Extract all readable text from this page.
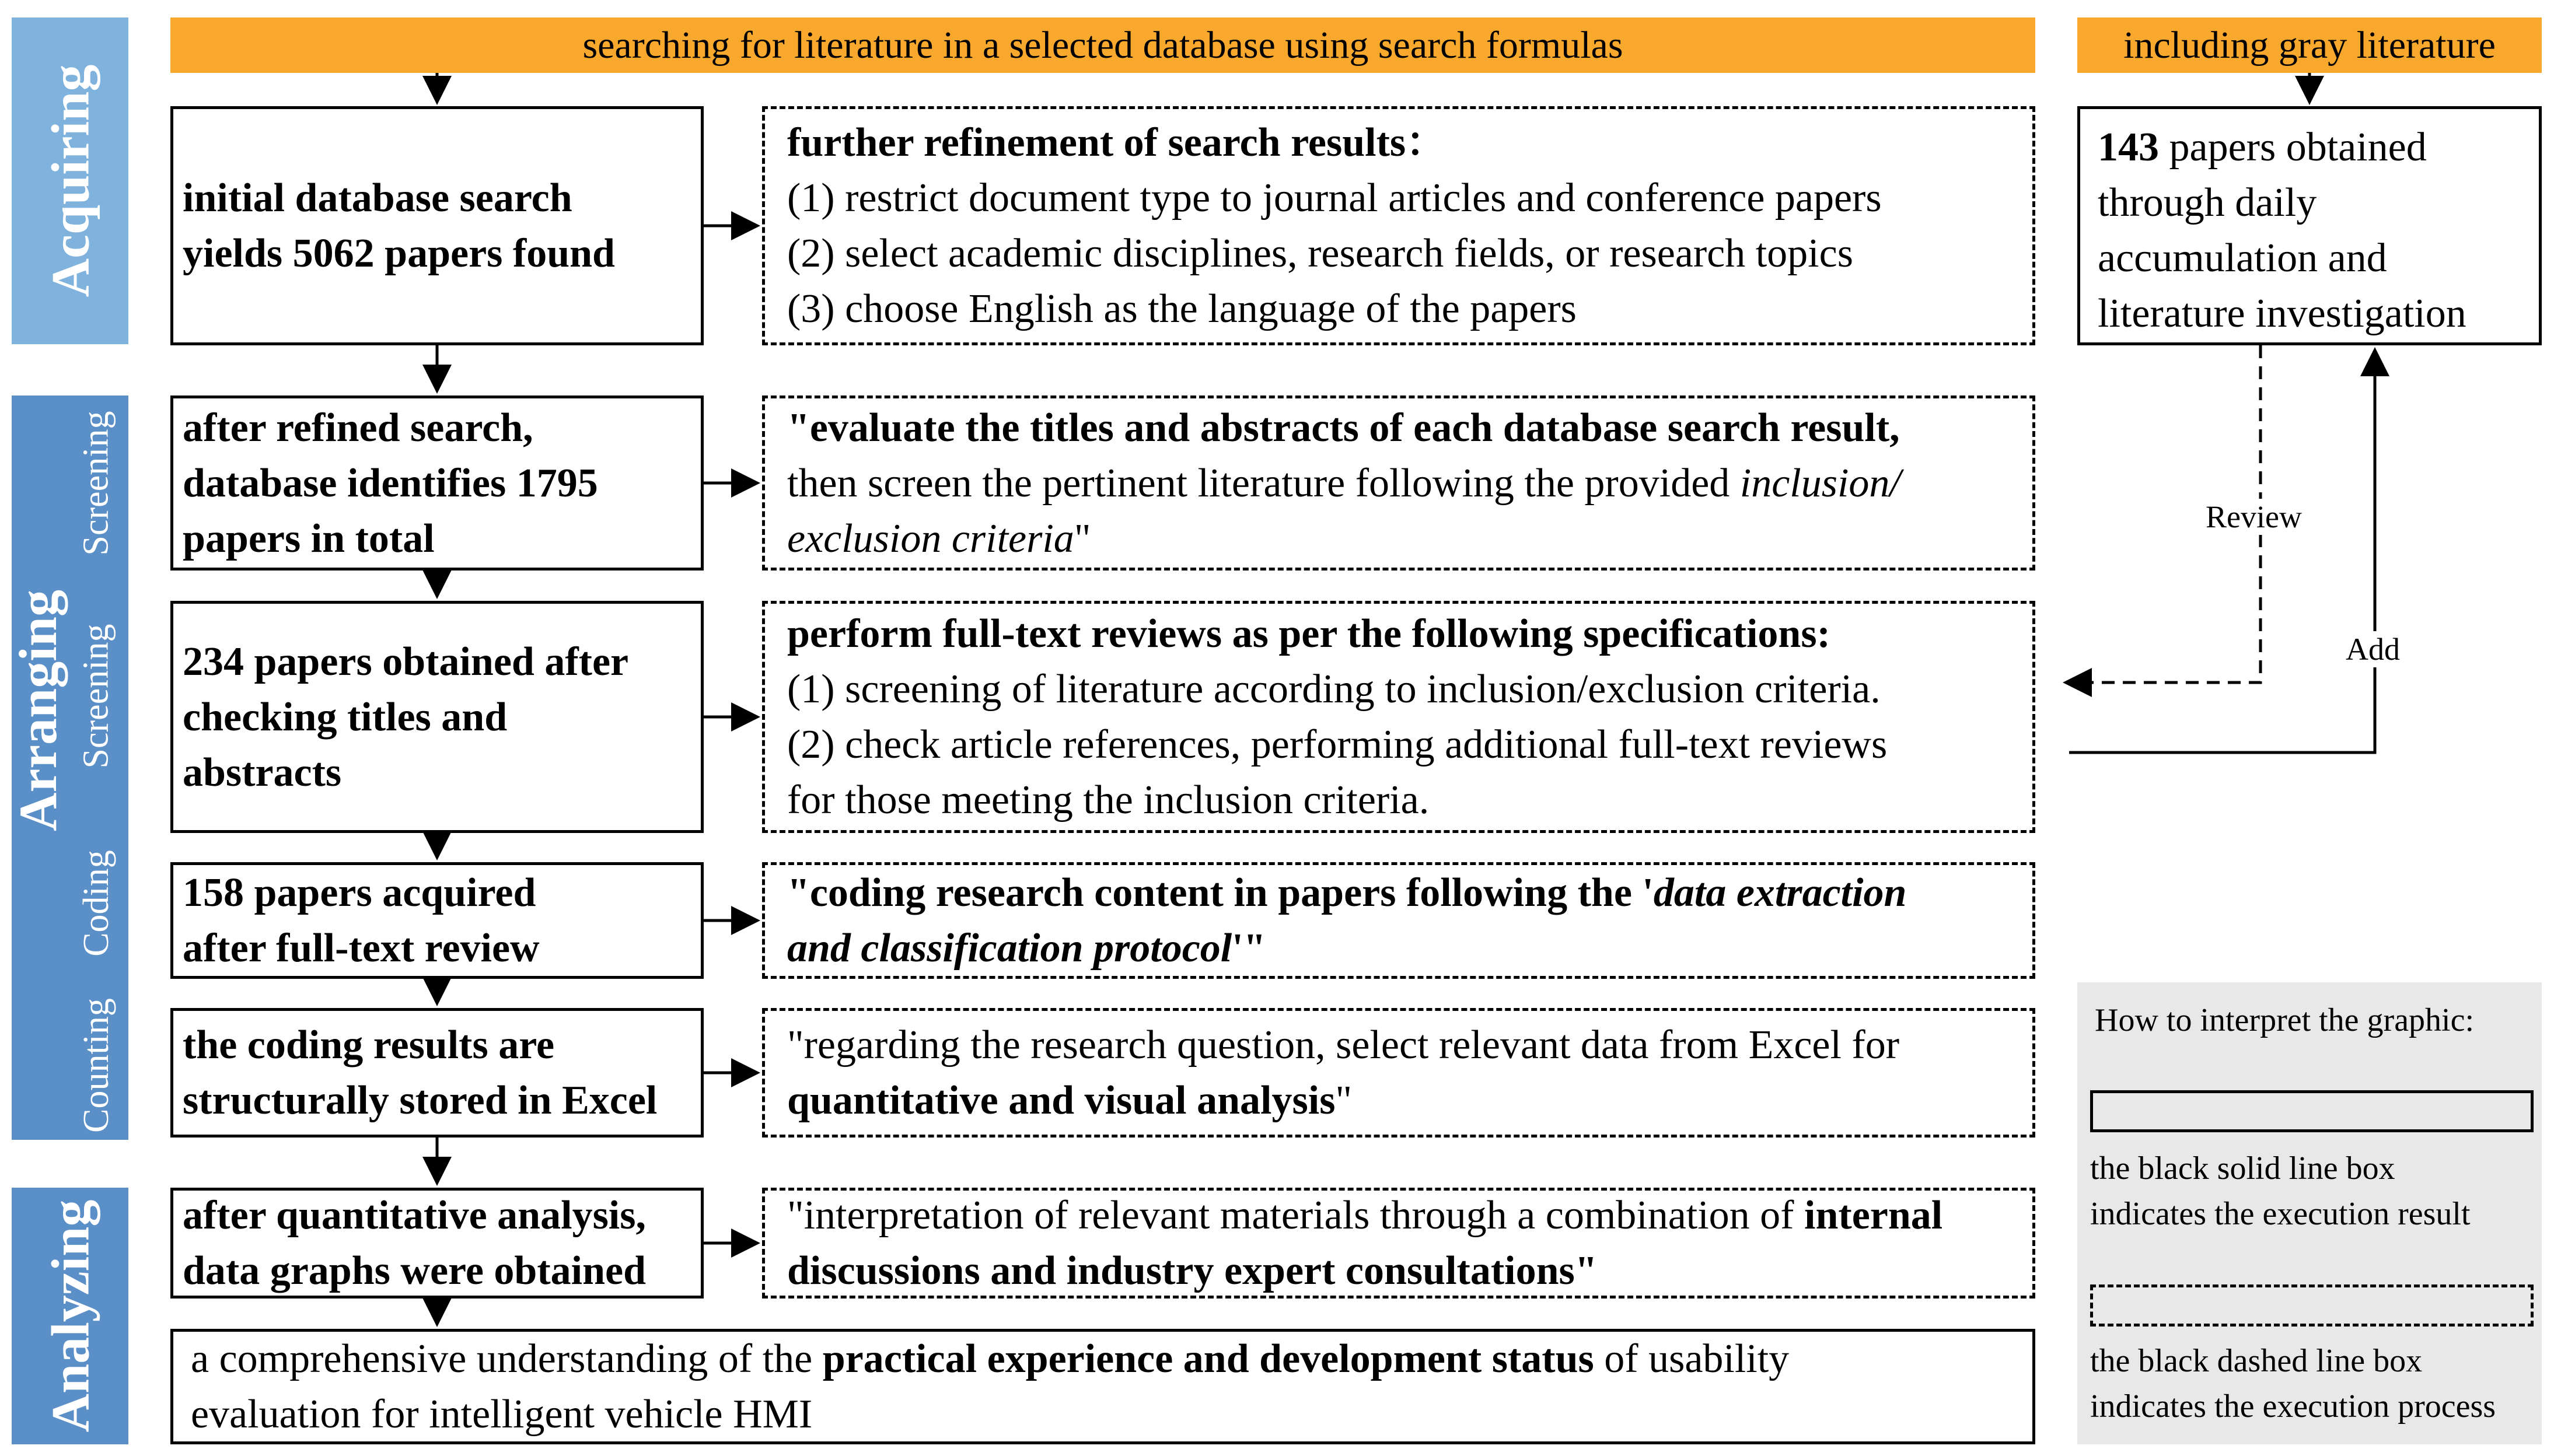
Acquiring
Arranging
Screening
Screening
Coding
Counting
Analyzing
searching for literature in a selected database using search formulas	including gray literature
initial database search
yields 5062 papers found
after refined search,
database identifies 1795
papers in total
234 papers obtained after
checking titles and
abstracts
158 papers acquired
after full-text review
the coding results are
structurally stored in Excel
after quantitative analysis,
data graphs were obtained
a comprehensive understanding of the practical experience and development status of usability
evaluation for intelligent vehicle HMI
further refinement of search results：
(1) restrict document type to journal articles and conference papers
(2) select academic disciplines, research fields, or research topics
(3) choose English as the language of the papers
"evaluate the titles and abstracts of each database search result,
then screen the pertinent literature following the provided inclusion/
exclusion criteria"
perform full-text reviews as per the following specifications:
(1) screening of literature according to inclusion/exclusion criteria.
(2) check article references, performing additional full-text reviews
for those meeting the inclusion criteria.
"coding research content in papers following the 'data extraction
and classification protocol'"
"regarding the research question, select relevant data from Excel for
quantitative and visual analysis"
"interpretation of relevant materials through a combination of internal
discussions and industry expert consultations"
143 papers obtained
through daily
accumulation and
literature investigation
How to interpret the graphic:
the black solid line box
indicates the execution result
the black dashed line box
indicates the execution process
Review
Add
